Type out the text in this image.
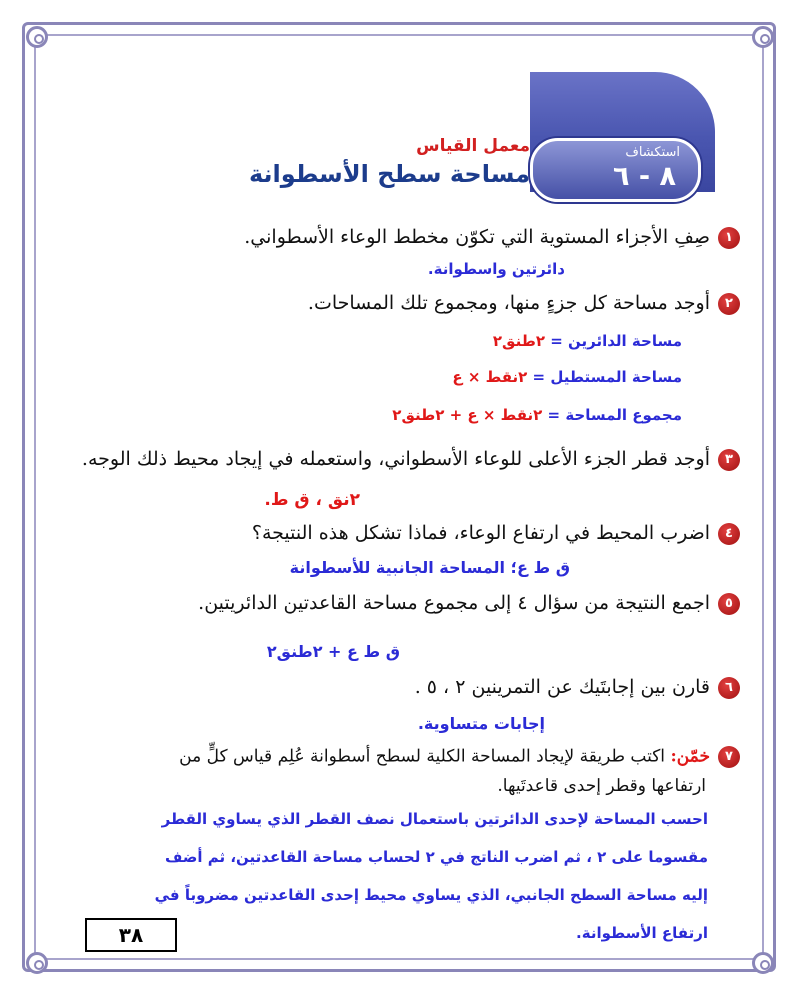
استكشاف
٨ - ٦
معمل القياس
مساحة سطح الأسطوانة
١صِفِ الأجزاء المستوية التي تكوّن مخطط الوعاء الأسطواني.
دائرتين واسطوانة.
٢أوجد مساحة كل جزءٍ منها، ومجموع تلك المساحات.
مساحة الدائرين = ٢طنق٢
مساحة المستطيل = ٢نقط × ع
مجموع المساحة = ٢نقط × ع + ٢طنق٢
٣أوجد قطر الجزء الأعلى للوعاء الأسطواني، واستعمله في إيجاد محيط ذلك الوجه.
٢نق ، ق ط.
٤اضرب المحيط في ارتفاع الوعاء، فماذا تشكل هذه النتيجة؟
ق ط ع؛ المساحة الجانبية للأسطوانة
٥اجمع النتيجة من سؤال ٤ إلى مجموع مساحة القاعدتين الدائريتين.
ق ط ع + ٢طنق٢
٦قارن بين إجابتَيك عن التمرينين ٢ ، ٥ .
إجابات متساوية.
٧خمّن: اكتب طريقة لإيجاد المساحة الكلية لسطح أسطوانة عُلِم قياس كلٍّ من
ارتفاعها وقطر إحدى قاعدتَيها.
احسب المساحة لإحدى الدائرتين باستعمال نصف القطر الذي يساوي القطر
مقسوما على ٢ ، ثم اضرب الناتج في ٢ لحساب مساحة القاعدتين، ثم أضف
إليه مساحة السطح الجانبي، الذي يساوي محيط إحدى القاعدتين مضروباً في
ارتفاع الأسطوانة.
٣٨
